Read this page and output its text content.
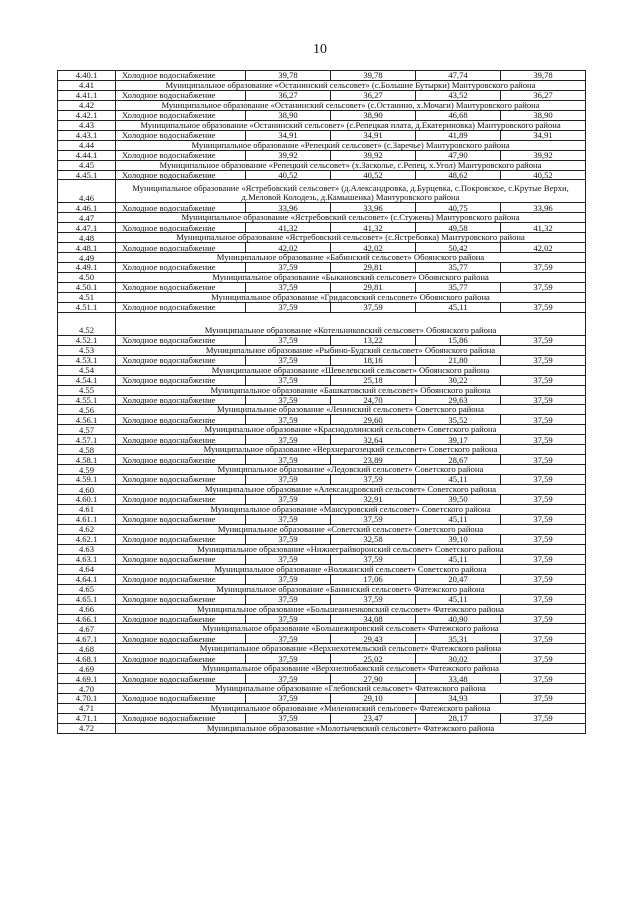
10
4.40.1	Холодное водоснабжение	39,78	39,78	47,74	39,78
4.41	Муниципальное образование «Останинский сельсовет» (с.Большие Бутырки) Мантуровского района				
4.41.1	Холодное водоснабжение	36,27	36,27	43,52	36,27
4.42	Муниципальное образование «Останинский сельсовет» (с.Останино, х.Мочаги) Мантуровского района				
4.42.1	Холодное водоснабжение	38,90	38,90	46,68	38,90
4.43	Муниципальное образование «Останинский сельсовет» (с.Репецкая плата, д.Екатериновка) Мантуровского района				
4.43.1	Холодное водоснабжение	34,91	34,91	41,89	34,91
4.44	Муниципальное образование «Репецкий сельсовет» (с.Заречье) Мантуровского района				
4.44.1	Холодное водоснабжение	39,92	39,92	47,90	39,92
4.45	Муниципальное образование «Репецкий сельсовет» (х.Засколье, с.Репец, х.Угол) Мантуровского района				
4.45.1	Холодное водоснабжение	40,52	40,52	48,62	40,52
4.46	Муниципальное образование «Ястребовский сельсовет» (д.Александровка, д.Бурцевка, с.Покровское, с.Крутые Верхи, д.Меловой Колодезь, д.Камышенка) Мантуровского района				
4.46.1	Холодное водоснабжение	33,96	33,96	40,75	33,96
4.47	Муниципальное образование «Ястребовский сельсовет» (с.Стужень) Мантуровского района				
4.47.1	Холодное водоснабжение	41,32	41,32	49,58	41,32
4.48	Муниципальное образование «Ястребовский сельсовет» (с.Ястребовка) Мантуровского района				
4.48.1	Холодное водоснабжение	42,02	42,02	50,42	42,02
4.49	Муниципальное образование «Бабинский сельсовет» Обоянского района				
4.49.1	Холодное водоснабжение	37,59	29,81	35,77	37,59
4.50	Муниципальное образование «Быкановский сельсовет» Обоянского района				
4.50.1	Холодное водоснабжение	37,59	29,81	35,77	37,59
4.51	Муниципальное образование «Гридасовский сельсовет» Обоянского района				
4.51.1	Холодное водоснабжение	37,59	37,59	45,11	37,59
4.52	Муниципальное образование «Котельниковский сельсовет» Обоянского района				
4.52.1	Холодное водоснабжение	37,59	13,22	15,86	37,59
4.53	Муниципальное образование «Рыбино-Будский сельсовет» Обоянского района				
4.53.1	Холодное водоснабжение	37,59	18,16	21,80	37,59
4.54	Муниципальное образование «Шевелевский сельсовет» Обоянского района				
4.54.1	Холодное водоснабжение	37,59	25,18	30,22	37,59
4.55	Муниципальное образование «Башкатовский сельсовет» Обоянского района				
4.55.1	Холодное водоснабжение	37,59	24,70	29,63	37,59
4.56	Муниципальное образование «Ленинский сельсовет» Советского района				
4.56.1	Холодное водоснабжение	37,59	29,60	35,52	37,59
4.57	Муниципальное образование «Краснодолинский сельсовет» Советского района				
4.57.1	Холодное водоснабжение	37,59	32,64	39,17	37,59
4.58	Муниципальное образование «Верхнерагозецкий сельсовет» Советского района				
4.58.1	Холодное водоснабжение	37,59	23,89	28,67	37,59
4.59	Муниципальное образование «Ледовский сельсовет» Советского района				
4.59.1	Холодное водоснабжение	37,59	37,59	45,11	37,59
4.60	Муниципальное образование «Александровский сельсовет» Советского района				
4.60.1	Холодное водоснабжение	37,59	32,91	39,50	37,59
4.61	Муниципальное образование «Мансуровский сельсовет» Советского района				
4.61.1	Холодное водоснабжение	37,59	37,59	45,11	37,59
4.62	Муниципальное образование «Советский сельсовет» Советского района				
4.62.1	Холодное водоснабжение	37,59	32,58	39,10	37,59
4.63	Муниципальное образование «Нижнеграйворонский сельсовет» Советского района				
4.63.1	Холодное водоснабжение	37,59	37,59	45,11	37,59
4.64	Муниципальное образование «Волжанский сельсовет» Советского района				
4.64.1	Холодное водоснабжение	37,59	17,06	20,47	37,59
4.65	Муниципальное образование «Банинский сельсовет» Фатежского района				
4.65.1	Холодное водоснабжение	37,59	37,59	45,11	37,59
4.66	Муниципальное образование «Большеанненковский сельсовет» Фатежского района				
4.66.1	Холодное водоснабжение	37,59	34,08	40,90	37,59
4.67	Муниципальное образование «Большежировский сельсовет» Фатежского района				
4.67.1	Холодное водоснабжение	37,59	29,43	35,31	37,59
4.68	Муниципальное образование «Верхнехотемльский сельсовет» Фатежского района				
4.68.1	Холодное водоснабжение	37,59	25,02	30,02	37,59
4.69	Муниципальное образование «Верхнелюбажский сельсовет» Фатежского района				
4.69.1	Холодное водоснабжение	37,59	27,90	33,48	37,59
4.70	Муниципальное образование «Глебовский сельсовет» Фатежского района				
4.70.1	Холодное водоснабжение	37,59	29,10	34,93	37,59
4.71	Муниципальное образование «Миленинский сельсовет» Фатежского района				
4.71.1	Холодное водоснабжение	37,59	23,47	28,17	37,59
4.72	Муниципальное образование «Молотычевский сельсовет» Фатежского района				
